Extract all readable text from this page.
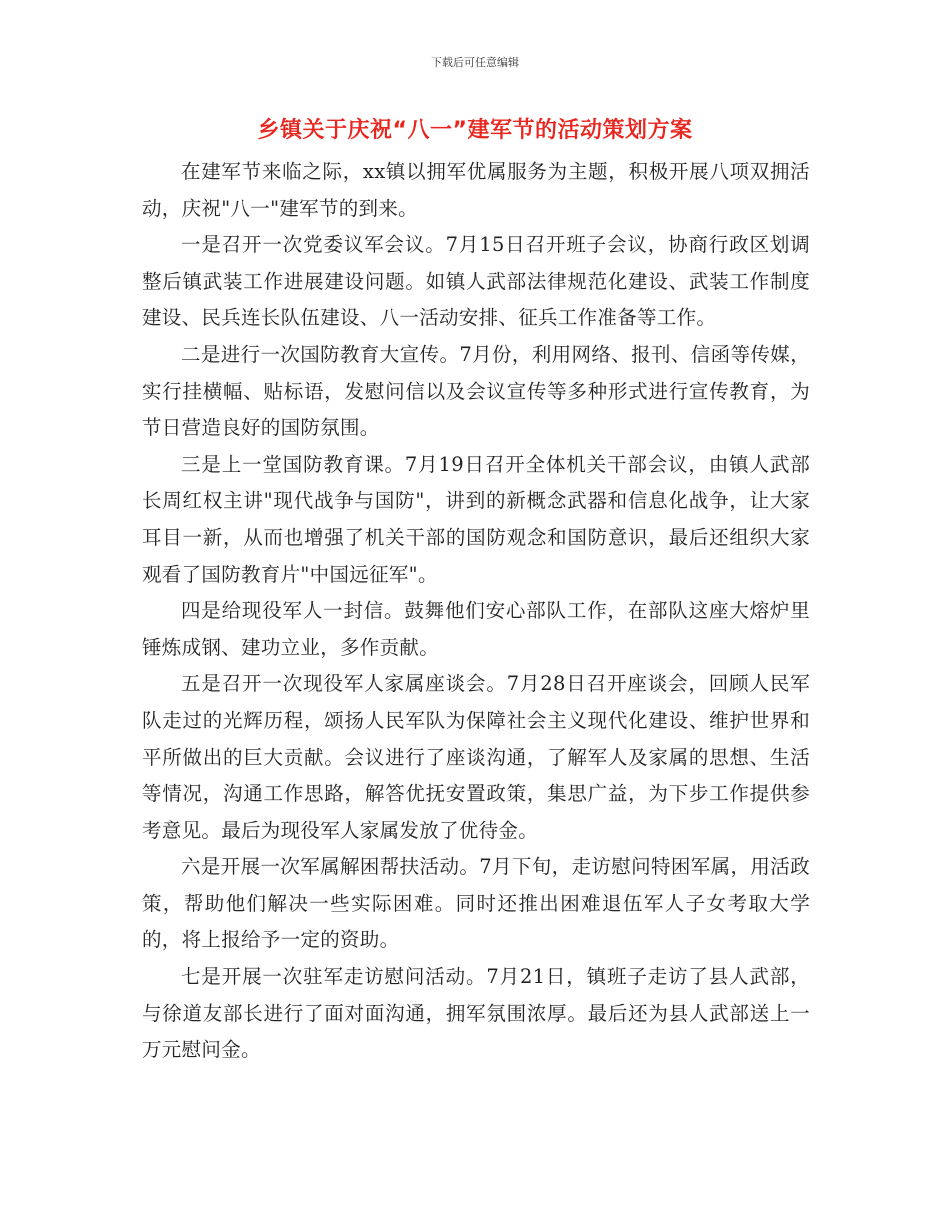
下载后可任意编辑
乡镇关于庆祝“八一”建军节的活动策划方案

在建军节来临之际，xx镇以拥军优属服务为主题，积极开展八项双拥活动，庆祝"八一"建军节的到来。

一是召开一次党委议军会议。7月15日召开班子会议，协商行政区划调整后镇武装工作进展建设问题。如镇人武部法律规范化建设、武装工作制度建设、民兵连长队伍建设、八一活动安排、征兵工作准备等工作。

二是进行一次国防教育大宣传。7月份，利用网络、报刊、信函等传媒，实行挂横幅、贴标语，发慰问信以及会议宣传等多种形式进行宣传教育，为节日营造良好的国防氛围。

三是上一堂国防教育课。7月19日召开全体机关干部会议，由镇人武部长周红权主讲"现代战争与国防"，讲到的新概念武器和信息化战争，让大家耳目一新，从而也增强了机关干部的国防观念和国防意识，最后还组织大家观看了国防教育片"中国远征军"。

四是给现役军人一封信。鼓舞他们安心部队工作，在部队这座大熔炉里锤炼成钢、建功立业，多作贡献。

五是召开一次现役军人家属座谈会。7月28日召开座谈会，回顾人民军队走过的光辉历程，颂扬人民军队为保障社会主义现代化建设、维护世界和平所做出的巨大贡献。会议进行了座谈沟通，了解军人及家属的思想、生活等情况，沟通工作思路，解答优抚安置政策，集思广益，为下步工作提供参考意见。最后为现役军人家属发放了优待金。

六是开展一次军属解困帮扶活动。7月下旬，走访慰问特困军属，用活政策，帮助他们解决一些实际困难。同时还推出困难退伍军人子女考取大学的，将上报给予一定的资助。

七是开展一次驻军走访慰问活动。7月21日，镇班子走访了县人武部，与徐道友部长进行了面对面沟通，拥军氛围浓厚。最后还为县人武部送上一万元慰问金。
